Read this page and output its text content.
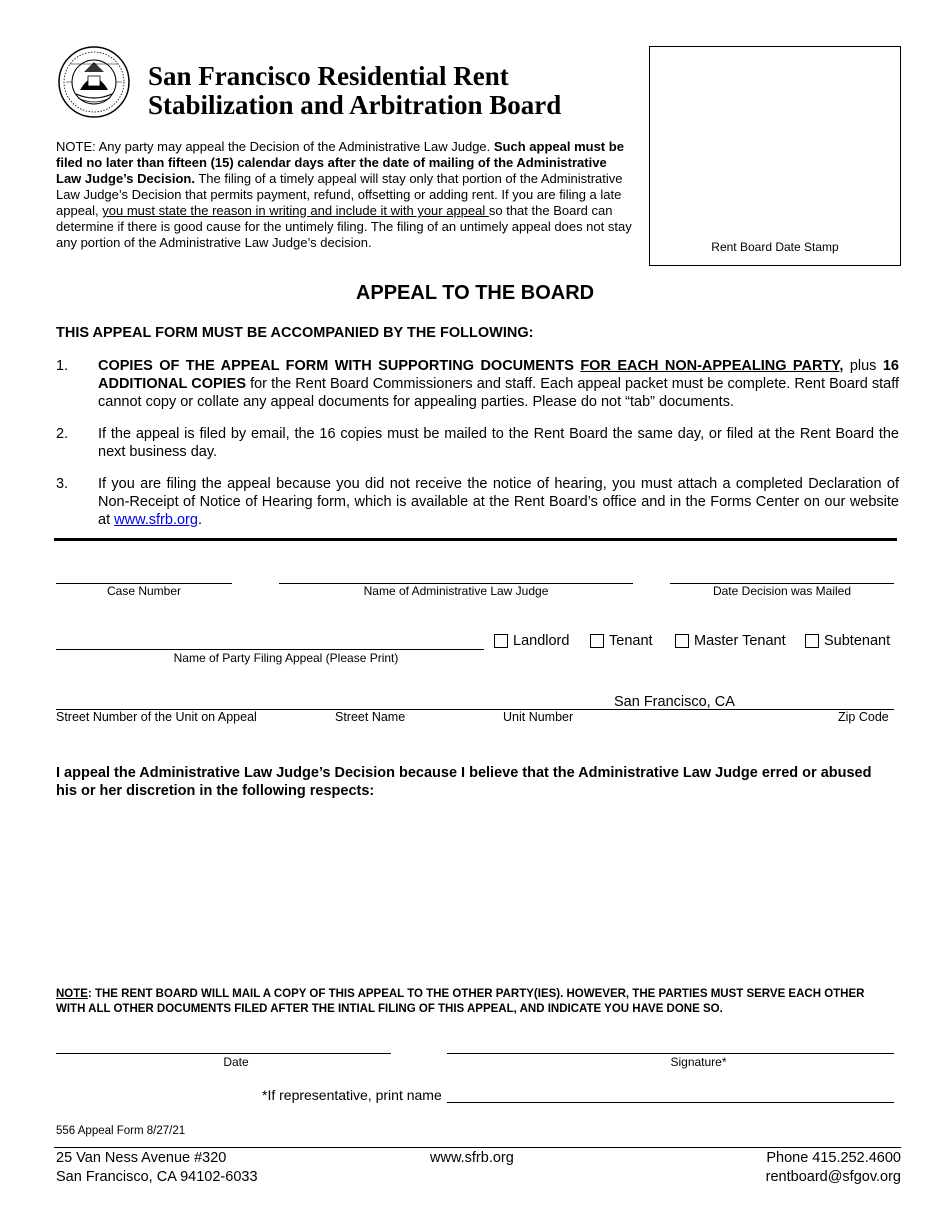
San Francisco Residential Rent
Stabilization and Arbitration Board
NOTE: Any party may appeal the Decision of the Administrative Law Judge. Such appeal must be filed no later than fifteen (15) calendar days after the date of mailing of the Administrative Law Judge’s Decision. The filing of a timely appeal will stay only that portion of the Administrative Law Judge’s Decision that permits payment, refund, offsetting or adding rent. If you are filing a late appeal, you must state the reason in writing and include it with your appeal so that the Board can determine if there is good cause for the untimely filing. The filing of an untimely appeal does not stay any portion of the Administrative Law Judge’s decision.	Rent Board Date Stamp
APPEAL TO THE BOARD
THIS APPEAL FORM MUST BE ACCOMPANIED BY THE FOLLOWING:
1. COPIES OF THE APPEAL FORM WITH SUPPORTING DOCUMENTS FOR EACH NON-APPEALING PARTY, plus 16 ADDITIONAL COPIES for the Rent Board Commissioners and staff. Each appeal packet must be complete. Rent Board staff cannot copy or collate any appeal documents for appealing parties. Please do not “tab” documents.
2. If the appeal is filed by email, the 16 copies must be mailed to the Rent Board the same day, or filed at the Rent Board the next business day.
3. If you are filing the appeal because you did not receive the notice of hearing, you must attach a completed Declaration of Non-Receipt of Notice of Hearing form, which is available at the Rent Board’s office and in the Forms Center on our website at www.sfrb.org.
Case Number	Name of Administrative Law Judge	Date Decision was Mailed
Name of Party Filing Appeal (Please Print)
Landlord	Tenant	Master Tenant	Subtenant
San Francisco, CA
Street Number of the Unit on Appeal	Street Name	Unit Number	Zip Code
I appeal the Administrative Law Judge’s Decision because I believe that the Administrative Law Judge erred or abused his or her discretion in the following respects:
NOTE: THE RENT BOARD WILL MAIL A COPY OF THIS APPEAL TO THE OTHER PARTY(IES). HOWEVER, THE PARTIES MUST SERVE EACH OTHER WITH ALL OTHER DOCUMENTS FILED AFTER THE INTIAL FILING OF THIS APPEAL, AND INDICATE YOU HAVE DONE SO.
Date	Signature*
*If representative, print name
556 Appeal Form 8/27/21
25 Van Ness Avenue #320
San Francisco, CA 94102-6033
www.sfrb.org	Phone 415.252.4600
rentboard@sfgov.org
